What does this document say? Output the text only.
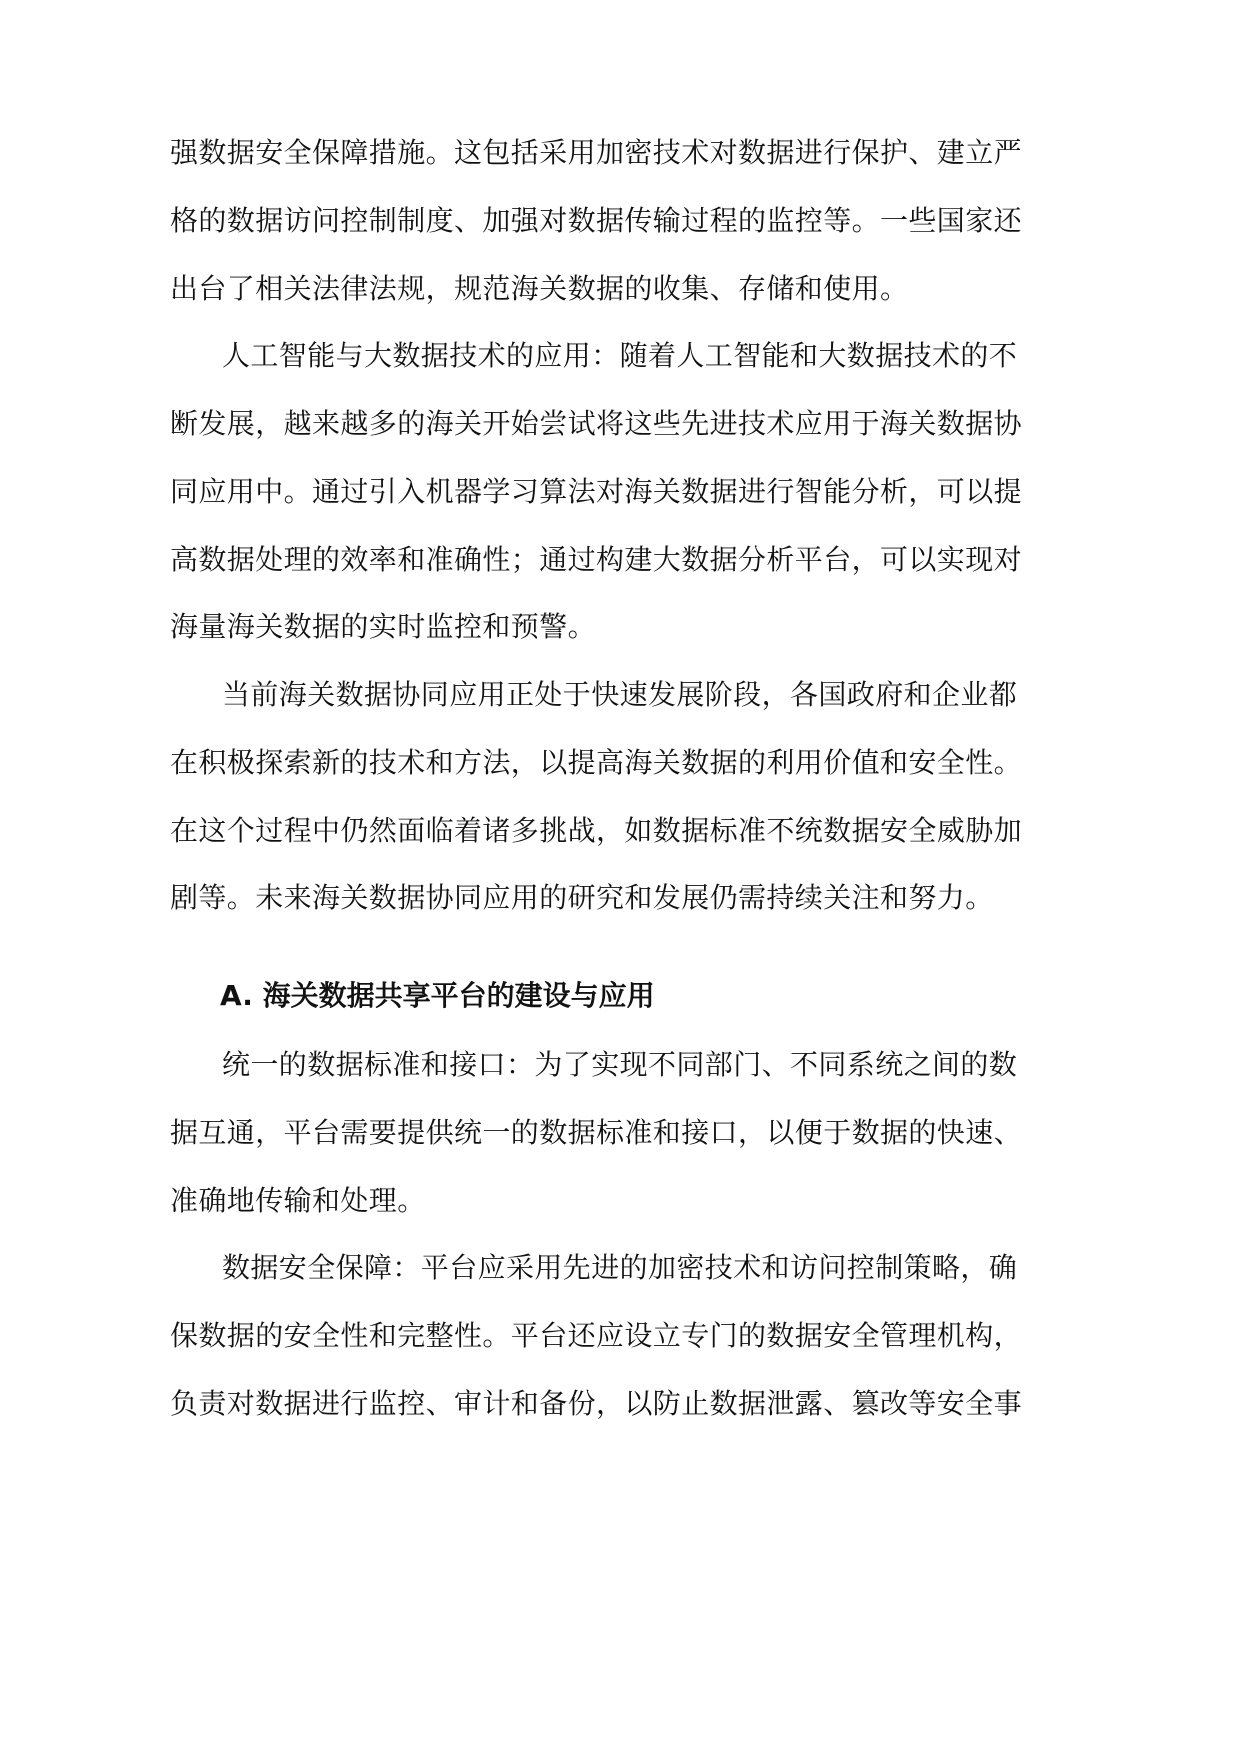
强数据安全保障措施。这包括采用加密技术对数据进行保护、建立严
格的数据访问控制制度、加强对数据传输过程的监控等。一些国家还
出台了相关法律法规，规范海关数据的收集、存储和使用。
人工智能与大数据技术的应用：随着人工智能和大数据技术的不
断发展，越来越多的海关开始尝试将这些先进技术应用于海关数据协
同应用中。通过引入机器学习算法对海关数据进行智能分析，可以提
高数据处理的效率和准确性；通过构建大数据分析平台，可以实现对
海量海关数据的实时监控和预警。
当前海关数据协同应用正处于快速发展阶段，各国政府和企业都
在积极探索新的技术和方法，以提高海关数据的利用价值和安全性。
在这个过程中仍然面临着诸多挑战，如数据标准不统数据安全威胁加
剧等。未来海关数据协同应用的研究和发展仍需持续关注和努力。
A. 海关数据共享平台的建设与应用
统一的数据标准和接口：为了实现不同部门、不同系统之间的数
据互通，平台需要提供统一的数据标准和接口，以便于数据的快速、
准确地传输和处理。
数据安全保障：平台应采用先进的加密技术和访问控制策略，确
保数据的安全性和完整性。平台还应设立专门的数据安全管理机构，
负责对数据进行监控、审计和备份，以防止数据泄露、篡改等安全事
